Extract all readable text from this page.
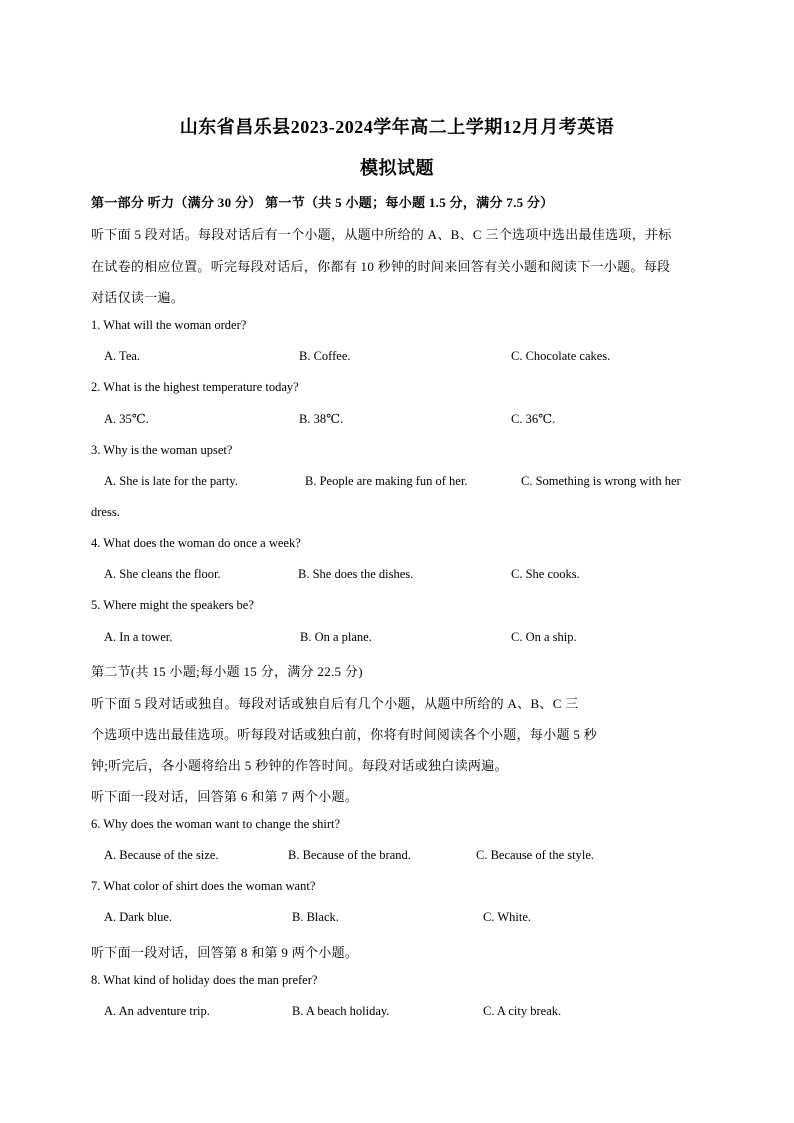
山东省昌乐县2023-2024学年高二上学期12月月考英语
模拟试题
第一部分 听力（满分 30 分） 第一节（共 5 小题；每小题 1.5 分，满分 7.5 分）
听下面 5 段对话。每段对话后有一个小题，从题中所给的 A、B、C 三个选项中选出最佳选项，并标
在试卷的相应位置。听完每段对话后，你都有 10 秒钟的时间来回答有关小题和阅读下一小题。每段
对话仅读一遍。
1. What will the woman order?
A. Tea.	B. Coffee.	C. Chocolate cakes.
2. What is the highest temperature today?
A. 35℃.	B. 38℃.	C. 36℃.
3. Why is the woman upset?
A. She is late for the party.	B. People are making fun of her.	C. Something is wrong with her
dress.
4. What does the woman do once a week?
A. She cleans the floor.	B. She does the dishes.	C. She cooks.
5. Where might the speakers be?
A. In a tower.	B. On a plane.	C. On a ship.
第二节(共 15 小题;每小题 15 分，满分 22.5 分)
听下面 5 段对话或独自。每段对话或独自后有几个小题，从题中所给的 A、B、C 三
个选项中选出最佳选项。听每段对话或独白前，你将有时间阅读各个小题，每小题 5 秒
钟;听完后，各小题将给出 5 秒钟的作答时间。每段对话或独白读两遍。
听下面一段对话，回答第 6 和第 7 两个小题。
6. Why does the woman want to change the shirt?
A. Because of the size.	B. Because of the brand.	C. Because of the style.
7. What color of shirt does the woman want?
A. Dark blue.	B. Black.	C. White.
听下面一段对话，回答第 8 和第 9 两个小题。
8. What kind of holiday does the man prefer?
A. An adventure trip.	B. A beach holiday.	C. A city break.
